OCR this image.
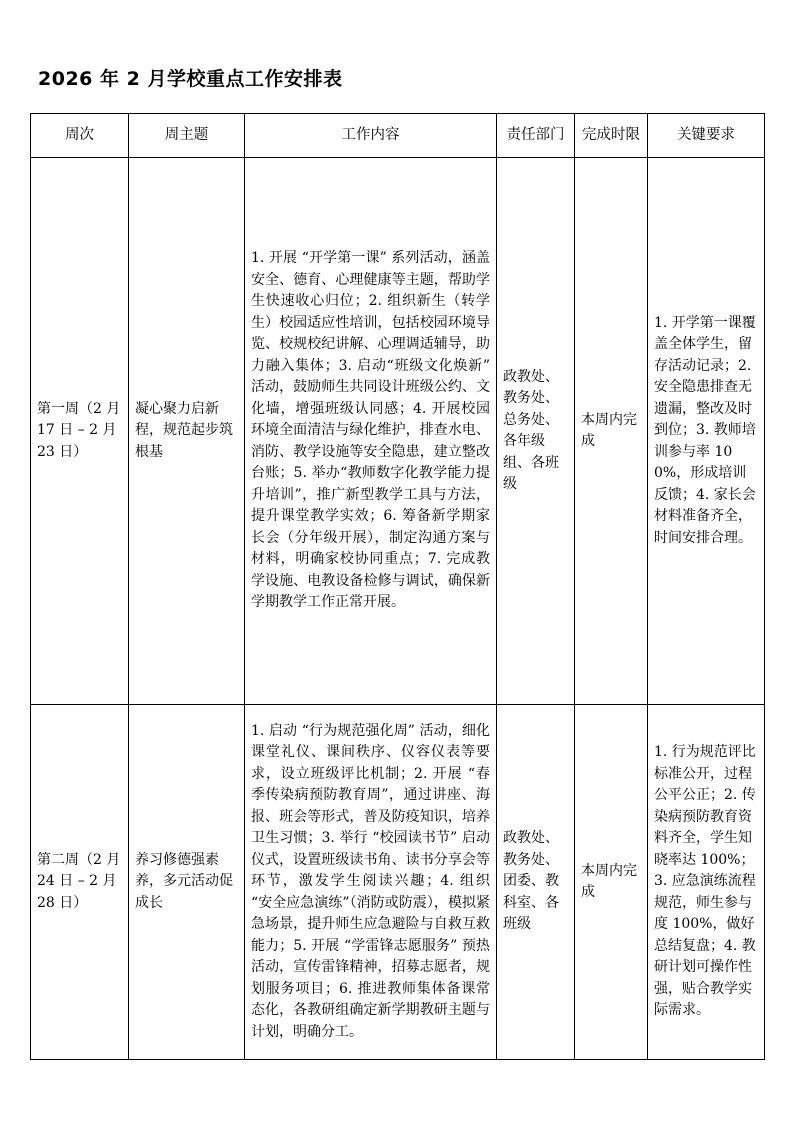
2026 年 2 月学校重点工作安排表
周次	周主题	工作内容	责任部门	完成时限	关键要求

第一周（2 月 17 日 – 2 月 23 日）	凝心聚力启新程，规范起步筑根基	1. 开展 “开学第一课” 系列活动，涵盖安全、德育、心理健康等主题，帮助学生快速收心归位；2. 组织新生（转学生）校园适应性培训，包括校园环境导览、校规校纪讲解、心理调适辅导，助力融入集体；3. 启动“班级文化焕新” 活动，鼓励师生共同设计班级公约、文化墙，增强班级认同感；4. 开展校园环境全面清洁与绿化维护，排查水电、消防、教学设施等安全隐患，建立整改台账；5. 举办“教师数字化教学能力提升培训”，推广新型教学工具与方法，提升课堂教学实效；6. 筹备新学期家长会（分年级开展），制定沟通方案与材料，明确家校协同重点；7. 完成教学设施、电教设备检修与调试，确保新学期教学工作正常开展。	政教处、教务处、总务处、各年级组、各班级	本周内完成	1. 开学第一课覆盖全体学生，留存活动记录；2. 安全隐患排查无遗漏，整改及时到位；3. 教师培训参与率 100%，形成培训反馈；4. 家长会材料准备齐全，时间安排合理。

第二周（2 月 24 日 – 2 月 28 日）	养习修德强素养，多元活动促成长	1. 启动 “行为规范强化周” 活动，细化课堂礼仪、课间秩序、仪容仪表等要求，设立班级评比机制；2. 开展 “春季传染病预防教育周”，通过讲座、海报、班会等形式，普及防疫知识，培养卫生习惯；3. 举行 “校园读书节” 启动仪式，设置班级读书角、读书分享会等环节，激发学生阅读兴趣；4. 组织 “安全应急演练”（消防或防震），模拟紧急场景，提升师生应急避险与自救互救能力；5. 开展 “学雷锋志愿服务” 预热活动，宣传雷锋精神，招募志愿者，规划服务项目；6. 推进教师集体备课常态化，各教研组确定新学期教研主题与计划，明确分工。	政教处、教务处、团委、教科室、各班级	本周内完成	1. 行为规范评比标准公开，过程公平公正；2. 传染病预防教育资料齐全，学生知晓率达 100%；3. 应急演练流程规范，师生参与度 100%，做好总结复盘；4. 教研计划可操作性强，贴合教学实际需求。
